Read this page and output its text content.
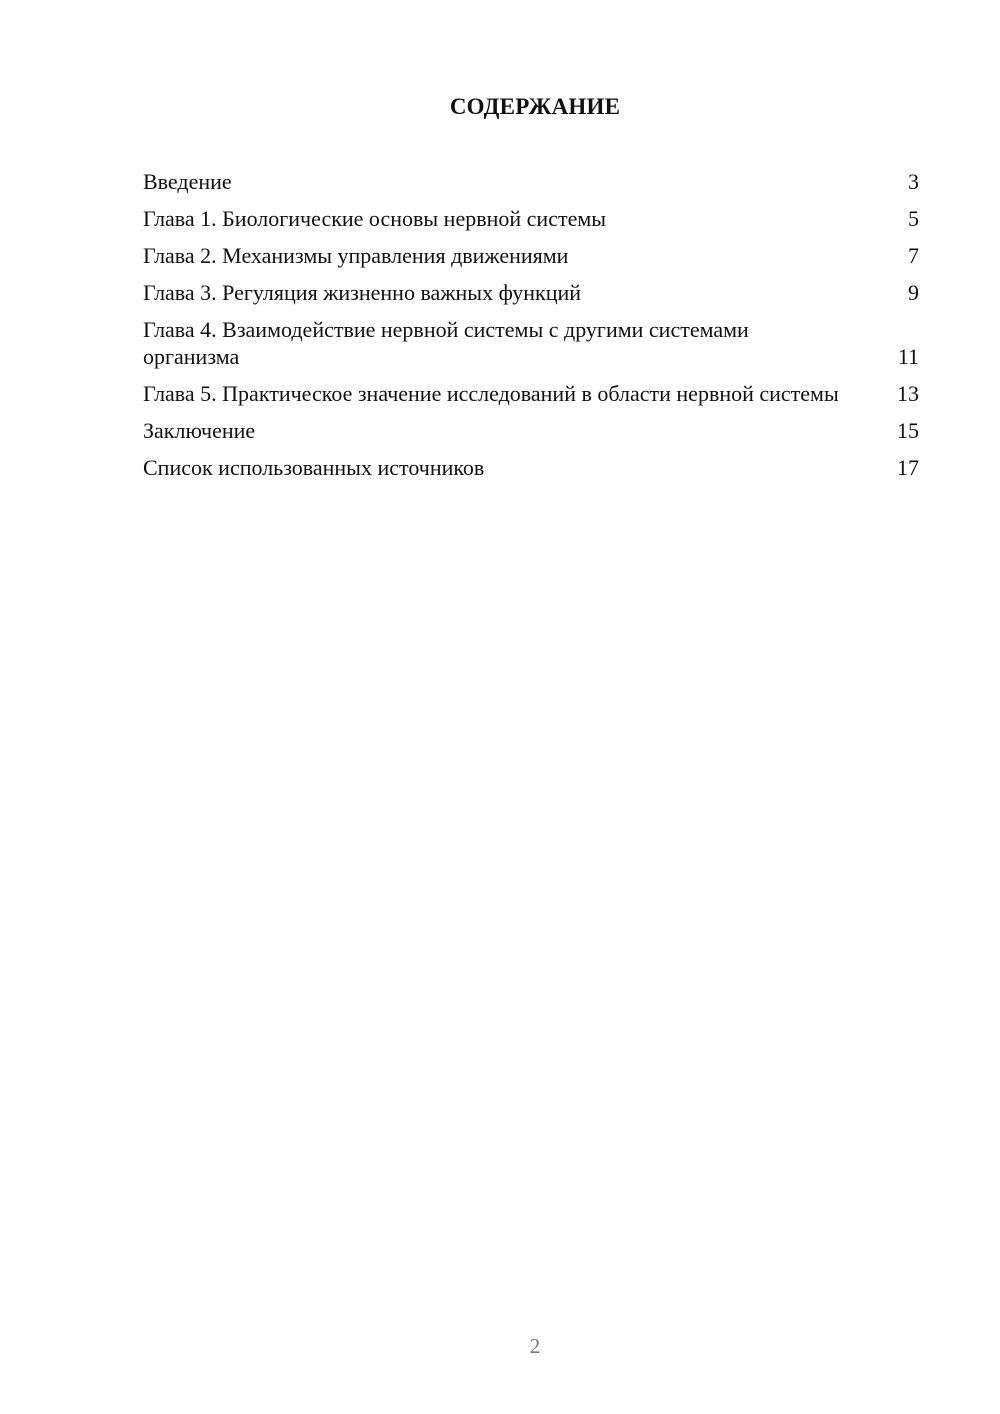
СОДЕРЖАНИЕ
Введение	3
Глава 1. Биологические основы нервной системы	5
Глава 2. Механизмы управления движениями	7
Глава 3. Регуляция жизненно важных функций	9
Глава 4. Взаимодействие нервной системы с другими системами организма	11
Глава 5. Практическое значение исследований в области нервной системы	13
Заключение	15
Список использованных источников	17
2
